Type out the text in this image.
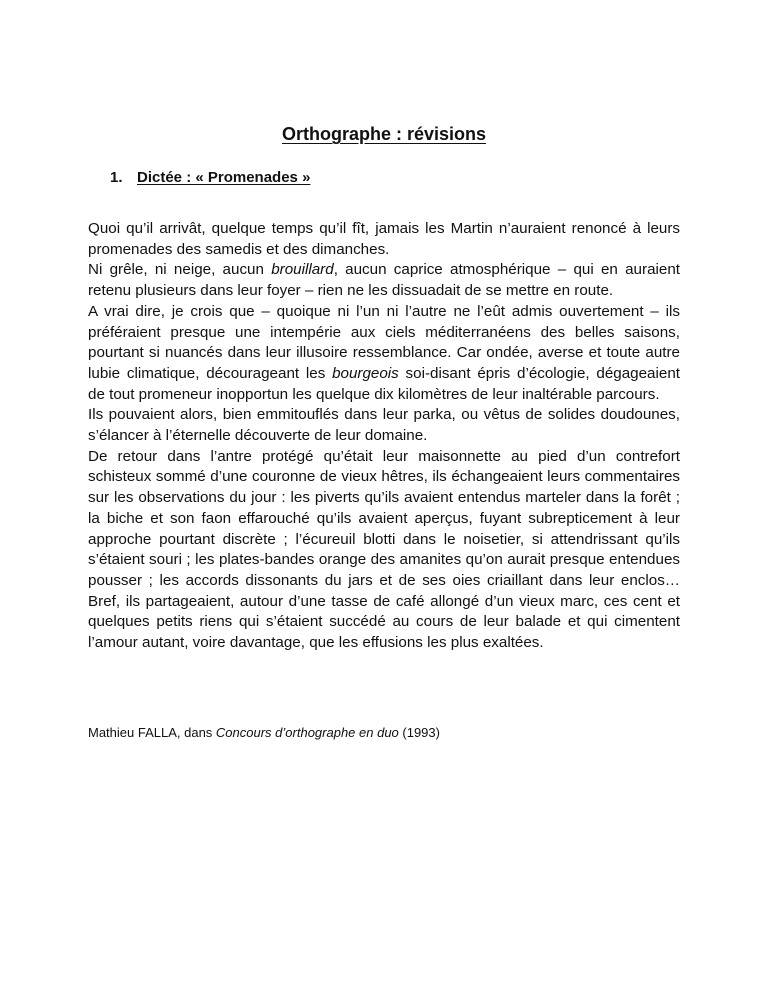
Orthographe : révisions
1. Dictée : « Promenades »

Quoi qu’il arrivât, quelque temps qu’il fît, jamais les Martin n’auraient renoncé à leurs promenades des samedis et des dimanches.

Ni grêle, ni neige, aucun brouillard, aucun caprice atmosphérique – qui en auraient retenu plusieurs dans leur foyer – rien ne les dissuadait de se mettre en route.

A vrai dire, je crois que – quoique ni l’un ni l’autre ne l’eût admis ouvertement – ils préféraient presque une intempérie aux ciels méditerranéens des belles saisons, pourtant si nuancés dans leur illusoire ressemblance. Car ondée, averse et toute autre lubie climatique, décourageant les bourgeois soi-disant épris d’écologie, dégageaient de tout promeneur inopportun les quelque dix kilomètres de leur inaltérable parcours.

Ils pouvaient alors, bien emmitouflés dans leur parka, ou vêtus de solides doudounes, s’élancer à l’éternelle découverte de leur domaine.

De retour dans l’antre protégé qu’était leur maisonnette au pied d’un contrefort schisteux sommé d’une couronne de vieux hêtres, ils échangeaient leurs commentaires sur les observations du jour : les piverts qu’ils avaient entendus marteler dans la forêt ; la biche et son faon effarouché qu’ils avaient aperçus, fuyant subrepticement à leur approche pourtant discrète ; l’écureuil blotti dans le noisetier, si attendrissant qu’ils s’étaient souri ; les plates-bandes orange des amanites qu’on aurait presque entendues pousser ; les accords dissonants du jars et de ses oies criaillant dans leur enclos… Bref, ils partageaient, autour d’une tasse de café allongé d’un vieux marc, ces cent et quelques petits riens qui s’étaient succédé au cours de leur balade et qui cimentent l’amour autant, voire davantage, que les effusions les plus exaltées.

Mathieu FALLA, dans Concours d’orthographe en duo (1993)
